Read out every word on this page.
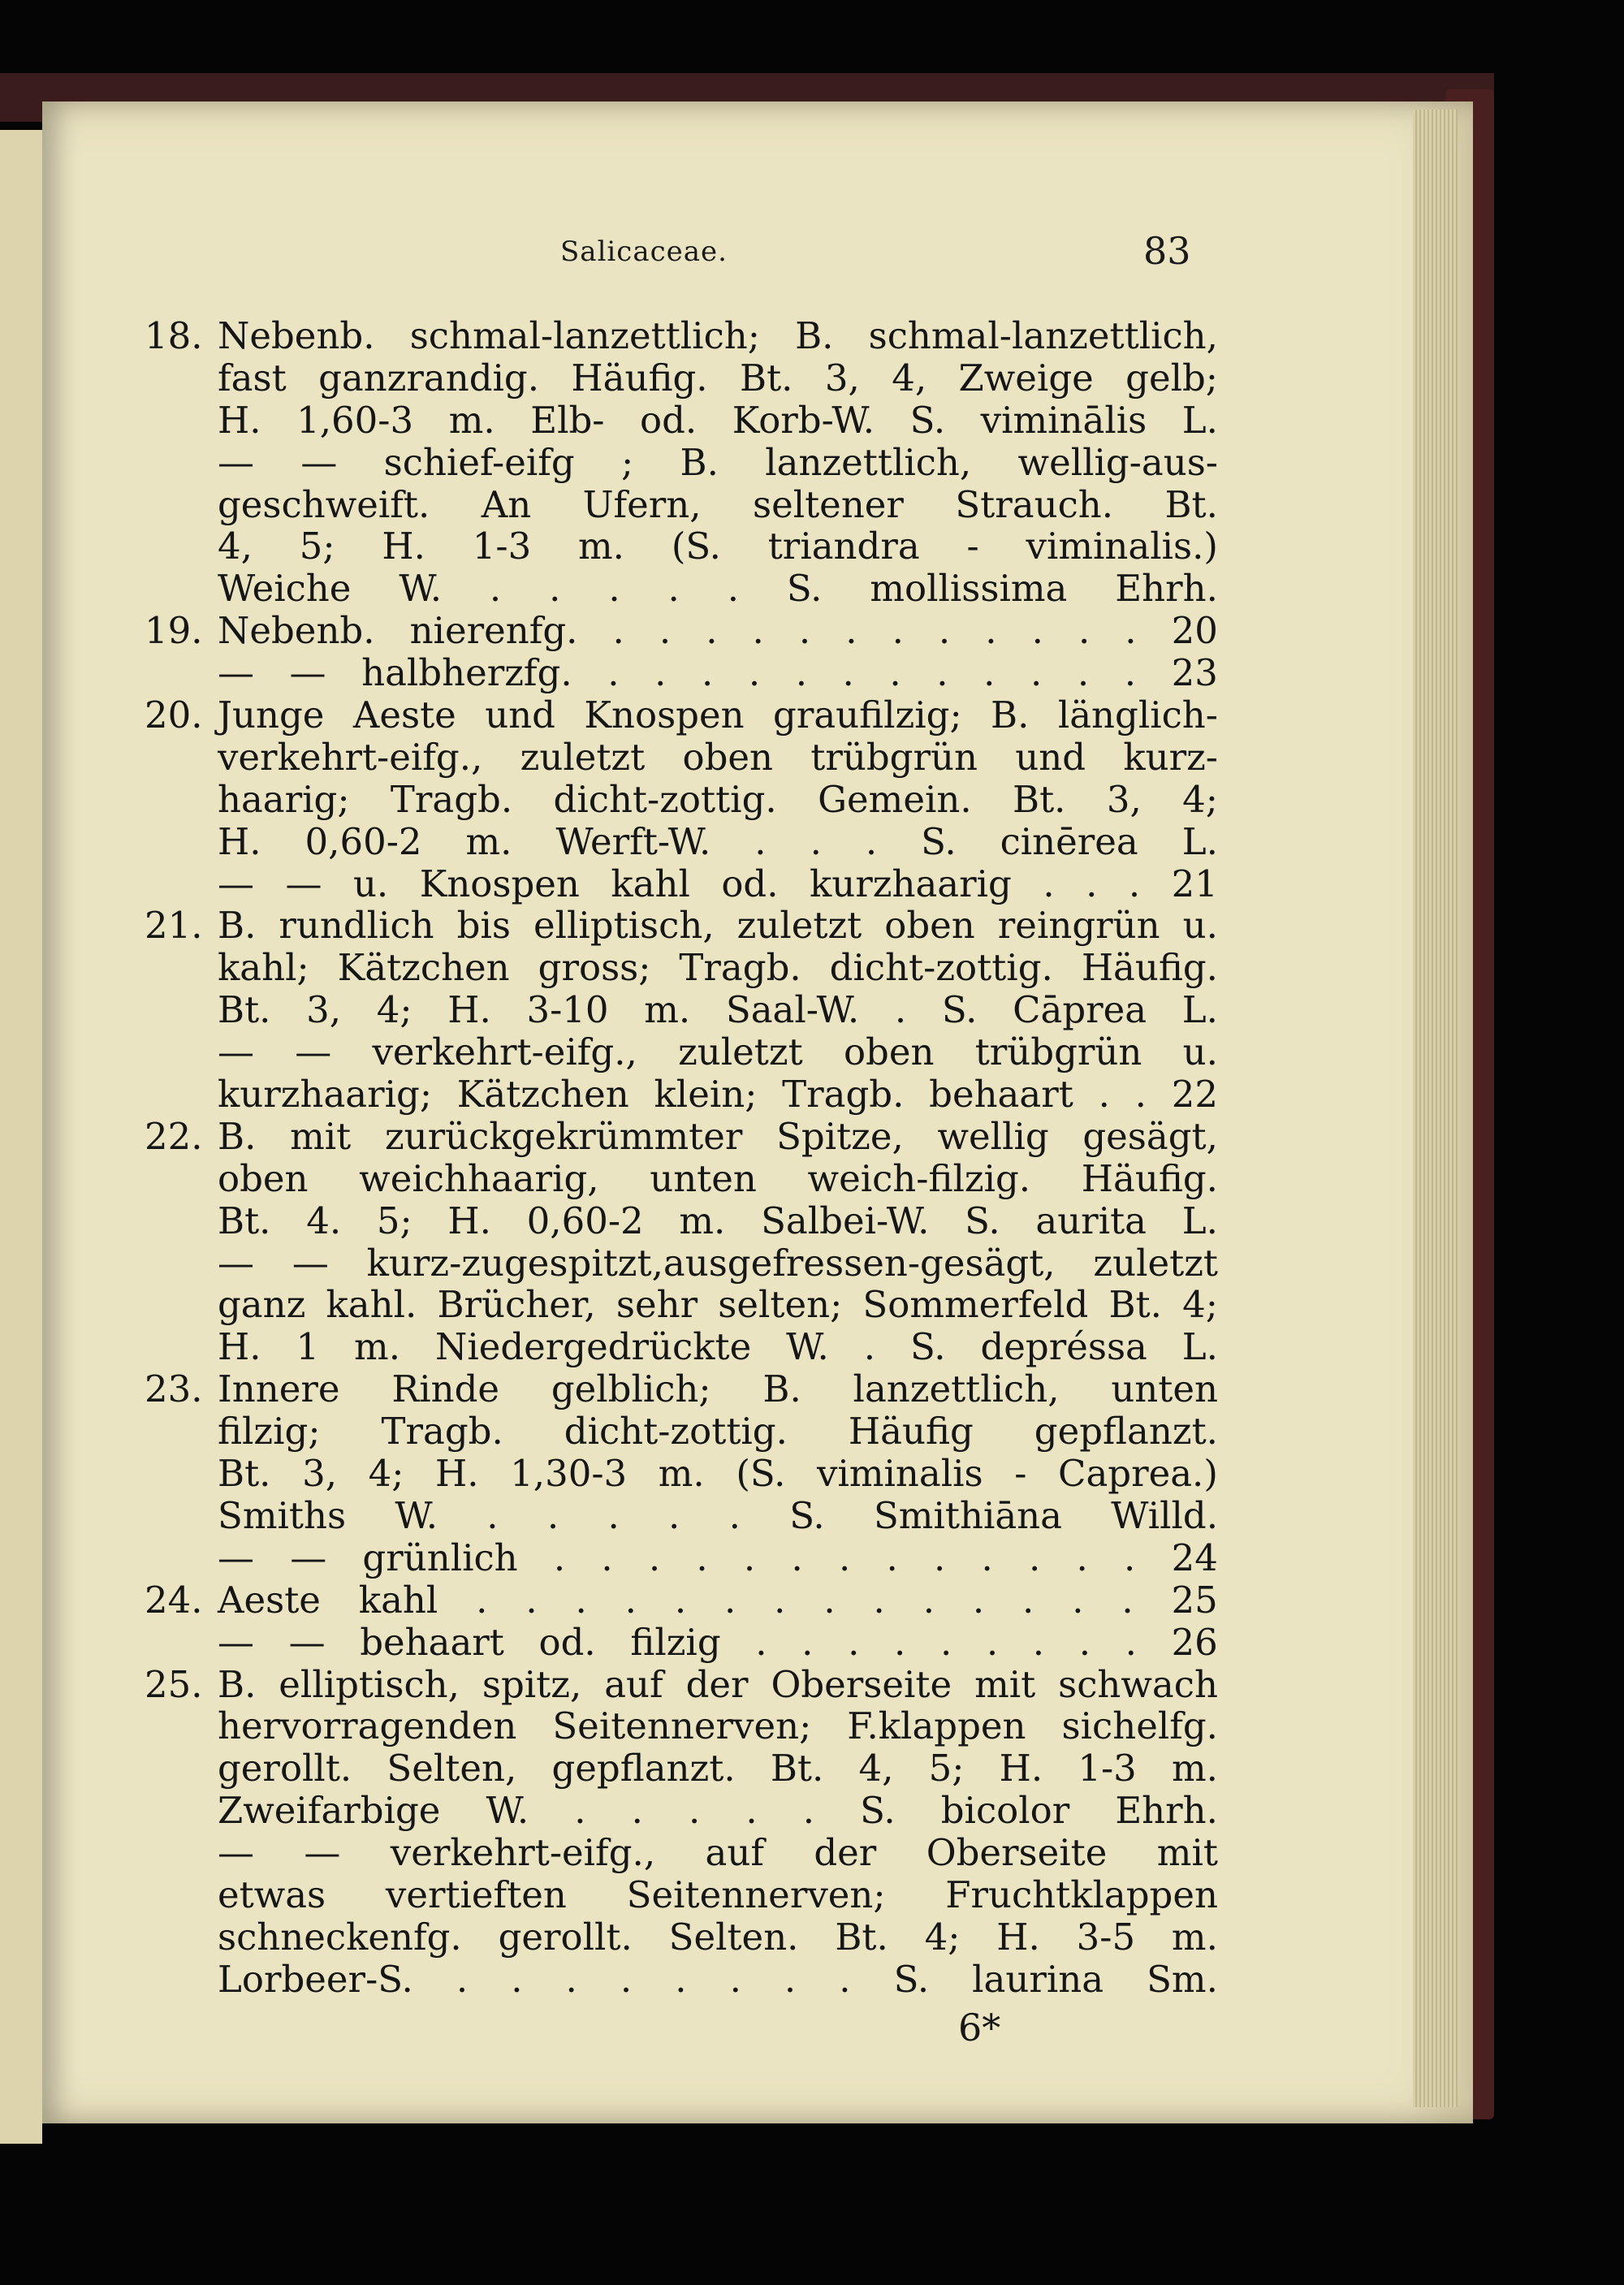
Salicaceae.	83
18. Nebenb. schmal-lanzettlich; B. schmal-lanzettlich,
fast ganzrandig. Häufig. Bt. 3, 4, Zweige gelb;
H. 1,60-3 m. Elb- od. Korb-W. S. viminālis L.
— — schief-eifg ; B. lanzettlich, wellig-aus-
geschweift. An Ufern, seltener Strauch. Bt.
4, 5; H. 1-3 m. (S. triandra - viminalis.)
Weiche W. . . . . . S. mollissima Ehrh.
19. Nebenb. nierenfg. . . . . . . . . . . . . 20
— — halbherzfg. . . . . . . . . . . . . 23
20. Junge Aeste und Knospen graufilzig; B. länglich-
verkehrt-eifg., zuletzt oben trübgrün und kurz-
haarig; Tragb. dicht-zottig. Gemein. Bt. 3, 4;
H. 0,60-2 m. Werft-W. . . . S. cinērea L.
— — u. Knospen kahl od. kurzhaarig . . . 21
21. B. rundlich bis elliptisch, zuletzt oben reingrün u.
kahl; Kätzchen gross; Tragb. dicht-zottig. Häufig.
Bt. 3, 4; H. 3-10 m. Saal-W. . S. Cāprea L.
— — verkehrt-eifg., zuletzt oben trübgrün u.
kurzhaarig; Kätzchen klein; Tragb. behaart . . 22
22. B. mit zurückgekrümmter Spitze, wellig gesägt,
oben weichhaarig, unten weich-filzig. Häufig.
Bt. 4. 5; H. 0,60-2 m. Salbei-W. S. aurita L.
— — kurz-zugespitzt,ausgefressen-gesägt, zuletzt
ganz kahl. Brücher, sehr selten; Sommerfeld Bt. 4;
H. 1 m. Niedergedrückte W. . S. depréssa L.
23. Innere Rinde gelblich; B. lanzettlich, unten
filzig; Tragb. dicht-zottig. Häufig gepflanzt.
Bt. 3, 4; H. 1,30-3 m. (S. viminalis - Caprea.)
Smiths W. . . . . . S. Smithiāna Willd.
— — grünlich . . . . . . . . . . . . . 24
24. Aeste kahl . . . . . . . . . . . . . . 25
— — behaart od. filzig . . . . . . . . . 26
25. B. elliptisch, spitz, auf der Oberseite mit schwach
hervorragenden Seitennerven; F.klappen sichelfg.
gerollt. Selten, gepflanzt. Bt. 4, 5; H. 1-3 m.
Zweifarbige W. . . . . . S. bicolor Ehrh.
— — verkehrt-eifg., auf der Oberseite mit
etwas vertieften Seitennerven; Fruchtklappen
schneckenfg. gerollt. Selten. Bt. 4; H. 3-5 m.
Lorbeer-S. . . . . . . . . S. laurina Sm.
6*
